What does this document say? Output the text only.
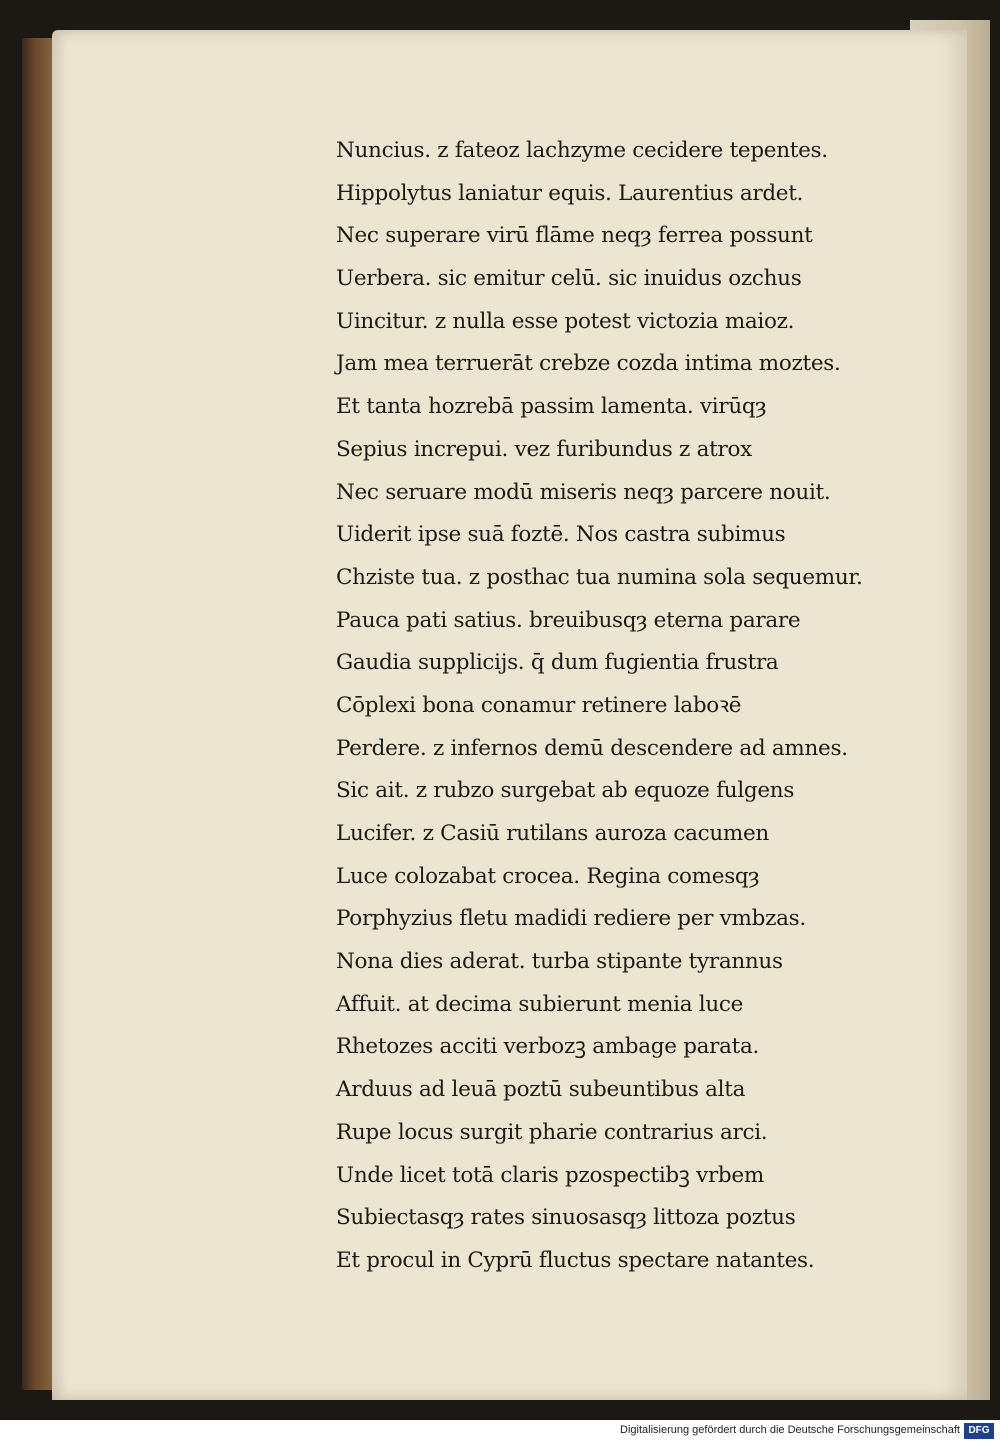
Nuncius. z fateoz lachzyme cecidere tepentes.
Hippolytus laniatur equis. Laurentius ardet.
Nec superare virū flāme neqȝ ferrea possunt
Uerbera. sic emitur celū. sic inuidus ozchus
Uincitur. z nulla esse potest victozia maioz.
Jam mea terruerāt crebze cozda intima moztes.
Et tanta hozrebā passim lamenta. virūqȝ
Sepius increpui. vez furibundus z atrox
Nec seruare modū miseris neqȝ parcere nouit.
Uiderit ipse suā foztē. Nos castra subimus
Chziste tua. z posthac tua numina sola sequemur.
Pauca pati satius. breuibusqȝ eterna parare
Gaudia supplicijs. q̄ dum fugientia frustra
Cōplexi bona conamur retinere laboꝛē
Perdere. z infernos demū descendere ad amnes.
Sic ait. z rubzo surgebat ab equoze fulgens
Lucifer. z Casiū rutilans auroza cacumen
Luce colozabat crocea. Regina comesqȝ
Porphyzius fletu madidi rediere per vmbzas.
Nona dies aderat. turba stipante tyrannus
Affuit. at decima subierunt menia luce
Rhetozes acciti verbozꝫ ambage parata.
Arduus ad leuā poztū subeuntibus alta
Rupe locus surgit pharie contrarius arci.
Unde licet totā claris pzospectibꝫ vrbem
Subiectasqȝ rates sinuosasqȝ littoza poztus
Et procul in Cyprū fluctus spectare natantes.
Digitalisierung gefördert durch die Deutsche Forschungsgemeinschaft DFG
